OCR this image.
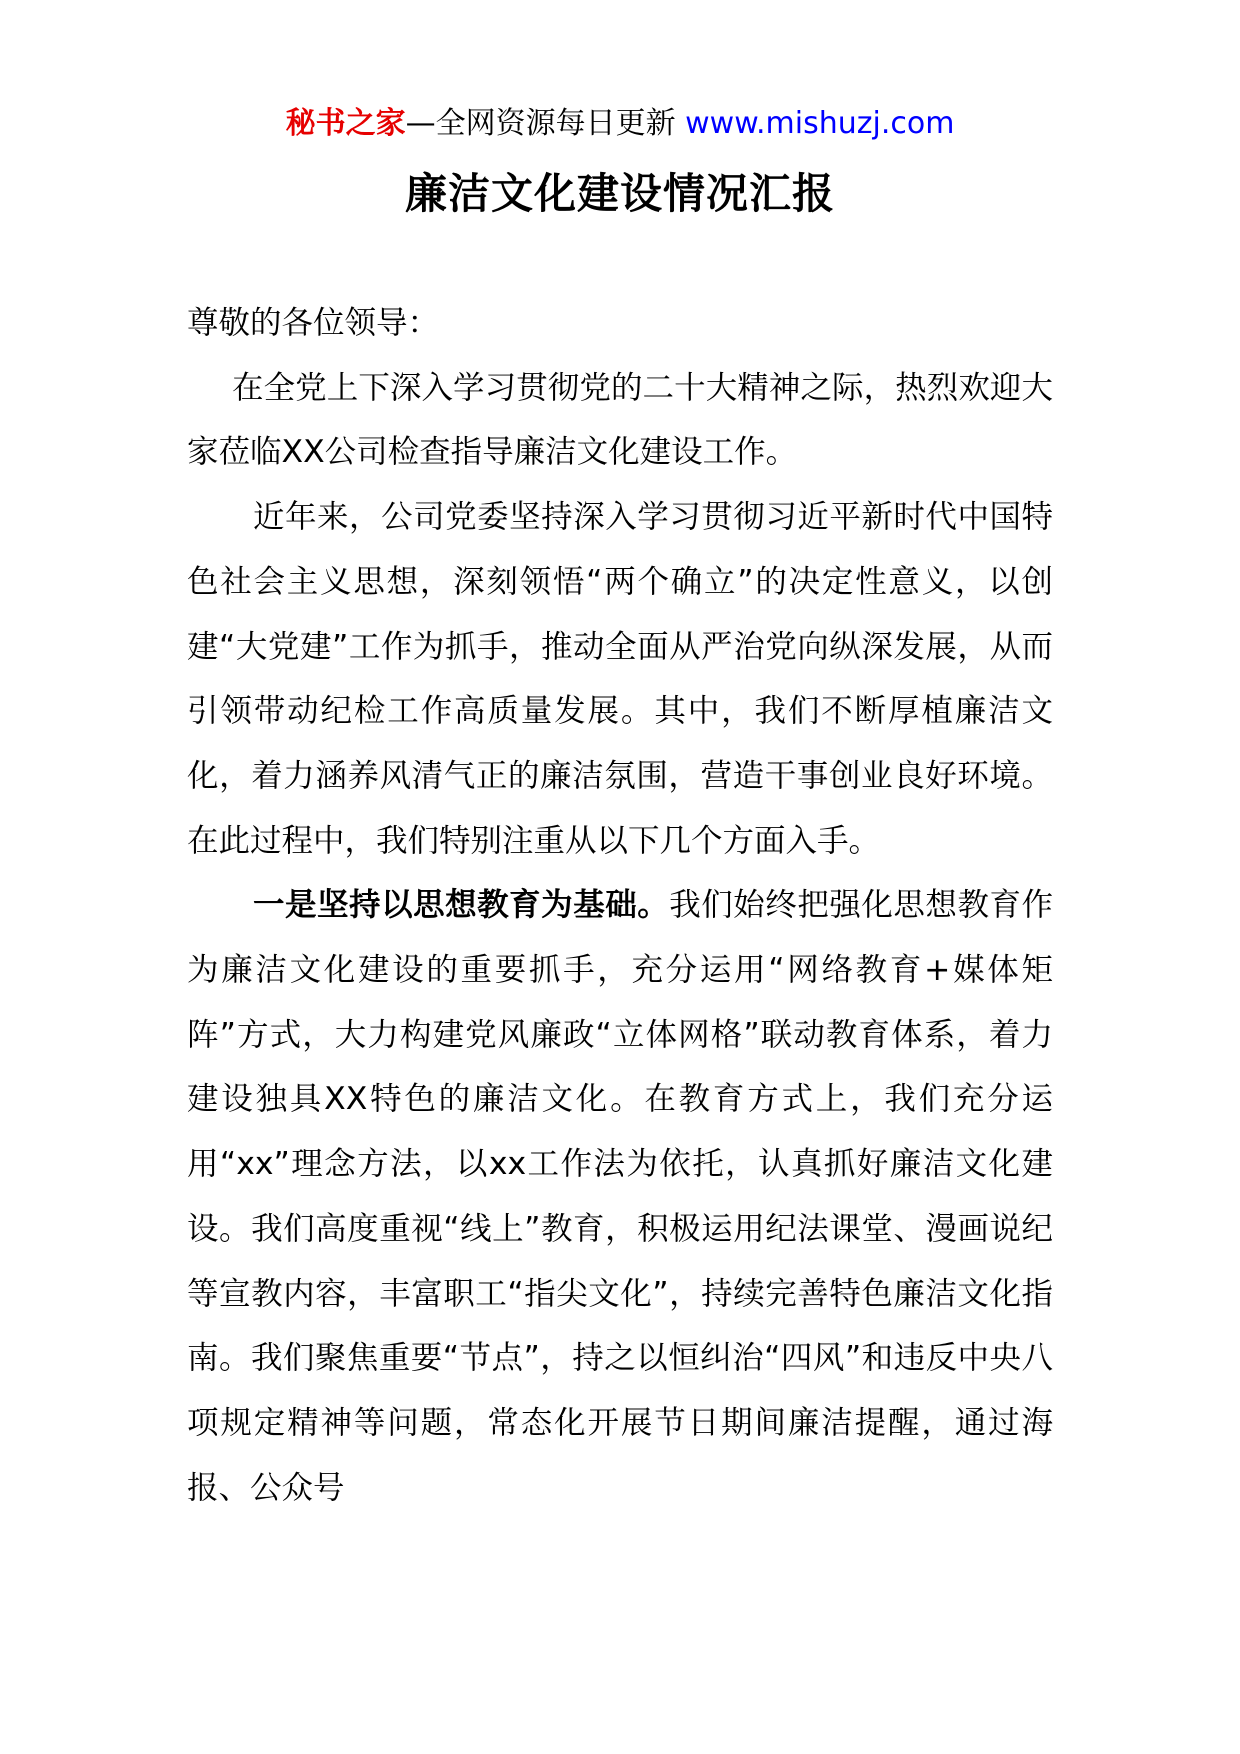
秘书之家—全网资源每日更新 www.mishuzj.com
廉洁文化建设情况汇报

尊敬的各位领导：

在全党上下深入学习贯彻党的二十大精神之际，热烈欢迎大家莅临XX公司检查指导廉洁文化建设工作。

近年来，公司党委坚持深入学习贯彻习近平新时代中国特色社会主义思想，深刻领悟“两个确立”的决定性意义，以创建“大党建”工作为抓手，推动全面从严治党向纵深发展，从而引领带动纪检工作高质量发展。其中，我们不断厚植廉洁文化，着力涵养风清气正的廉洁氛围，营造干事创业良好环境。在此过程中，我们特别注重从以下几个方面入手。

一是坚持以思想教育为基础。我们始终把强化思想教育作为廉洁文化建设的重要抓手，充分运用“网络教育+媒体矩阵”方式，大力构建党风廉政“立体网格”联动教育体系，着力建设独具XX特色的廉洁文化。在教育方式上，我们充分运用“xx”理念方法，以xx工作法为依托，认真抓好廉洁文化建设。我们高度重视“线上”教育，积极运用纪法课堂、漫画说纪等宣教内容，丰富职工“指尖文化”，持续完善特色廉洁文化指南。我们聚焦重要“节点”，持之以恒纠治“四风”和违反中央八项规定精神等问题，常态化开展节日期间廉洁提醒，通过海报、公众号
